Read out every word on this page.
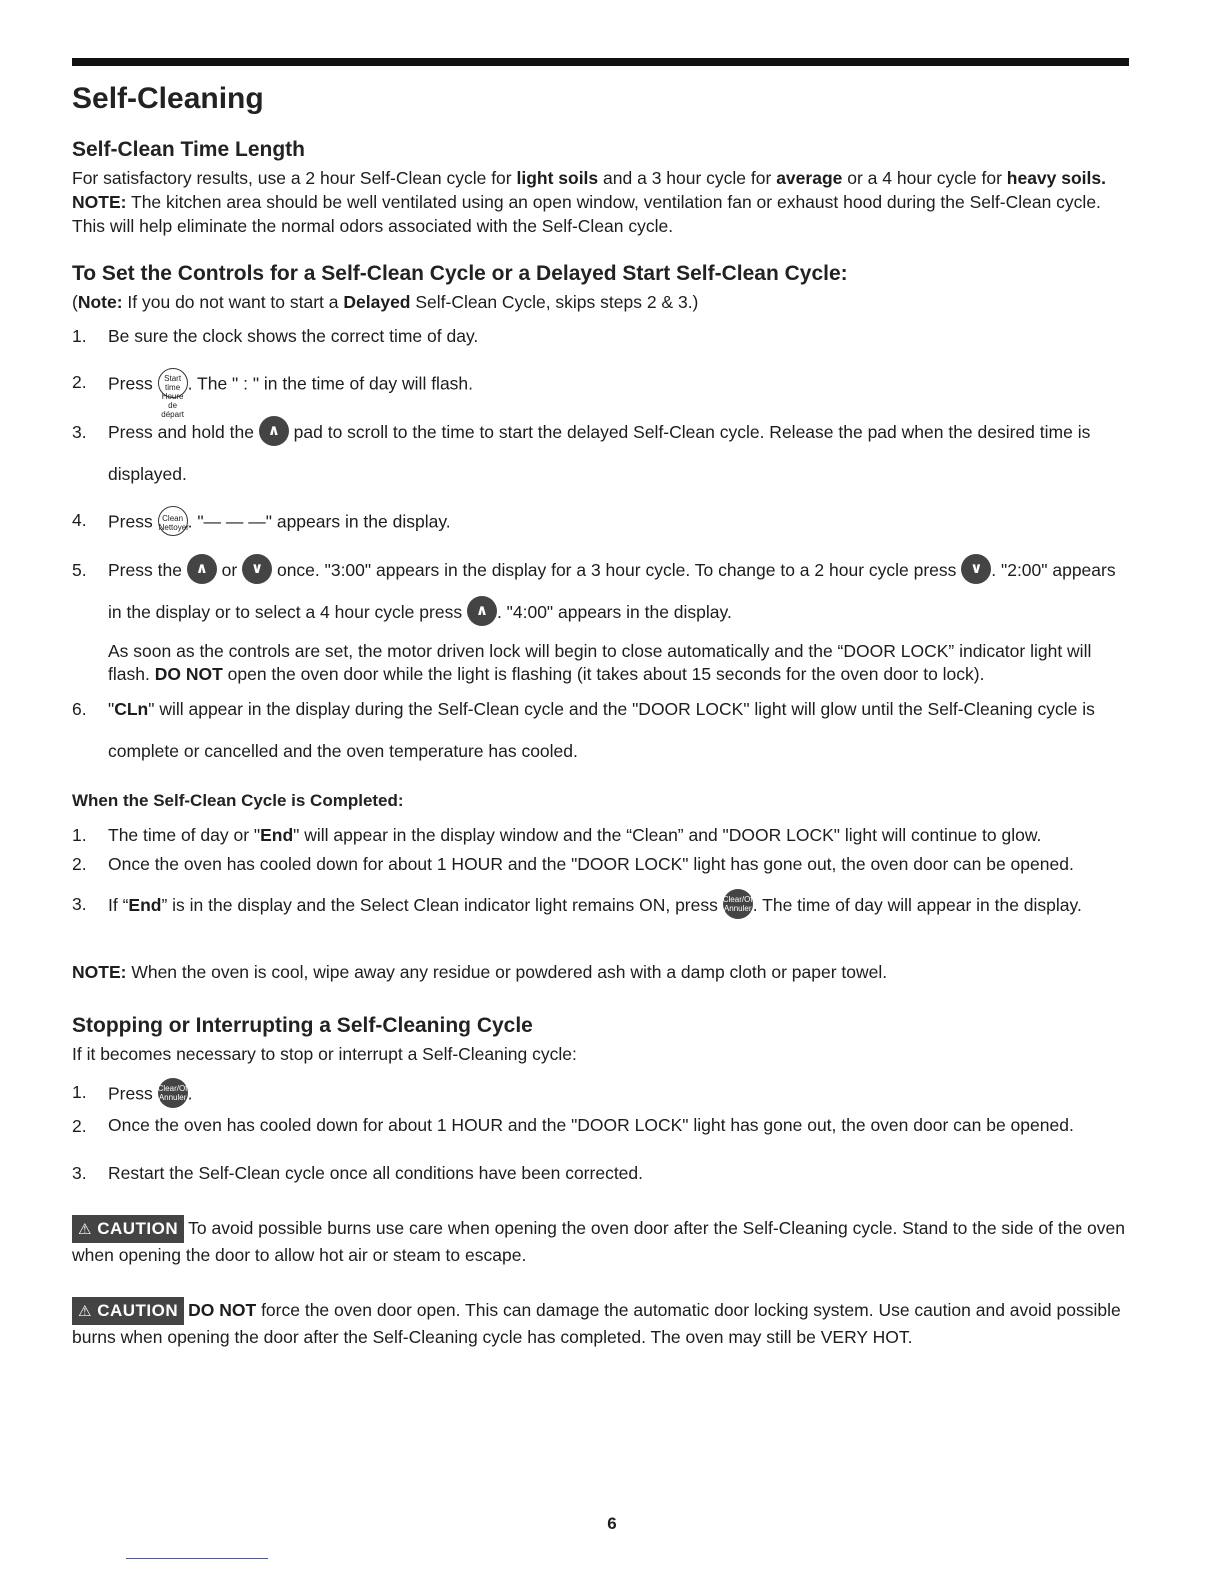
Self-Cleaning
Self-Clean Time Length

For satisfactory results, use a 2 hour Self-Clean cycle for light soils and a 3 hour cycle for average or a 4 hour cycle for heavy soils. NOTE: The kitchen area should be well ventilated using an open window, ventilation fan or exhaust hood during the Self-Clean cycle. This will help eliminate the normal odors associated with the Self-Clean cycle.

To Set the Controls for a Self-Clean Cycle or a Delayed Start Self-Clean Cycle:

(Note: If you do not want to start a Delayed Self-Clean Cycle, skips steps 2 & 3.)

1. Be sure the clock shows the correct time of day.

2. Press Start time
Heure de
départ. The " : " in the time of day will flash.

3. Press and hold the ∧ pad to scroll to the time to start the delayed Self-Clean cycle. Release the pad when the desired time is displayed.

4. Press Clean
Nettoyer. "— — —" appears in the display.

5. Press the ∧ or ∨ once. "3:00" appears in the display for a 3 hour cycle. To change to a 2 hour cycle press ∨ . "2:00" appears in the display or to select a 4 hour cycle press ∧ . "4:00" appears in the display.

As soon as the controls are set, the motor driven lock will begin to close automatically and the “DOOR LOCK” indicator light will flash. DO NOT open the oven door while the light is flashing (it takes about 15 seconds for the oven door to lock).

6. "CLn" will appear in the display during the Self-Clean cycle and the "DOOR LOCK" light will glow until the Self-Cleaning cycle is complete or cancelled and the oven temperature has cooled.

When the Self-Clean Cycle is Completed:
1. The time of day or "End" will appear in the display window and the “Clean” and "DOOR LOCK" light will continue to glow.

2. Once the oven has cooled down for about 1 HOUR and the "DOOR LOCK" light has gone out, the oven door can be opened.

3. If “End” is in the display and the Select Clean indicator light remains ON, press Clear/Off
Annuler. The time of day will appear in the display.

NOTE: When the oven is cool, wipe away any residue or powdered ash with a damp cloth or paper towel.

Stopping or Interrupting a Self-Cleaning Cycle

If it becomes necessary to stop or interrupt a Self-Cleaning cycle:

1. Press Clear/Off
Annuler.

2. Once the oven has cooled down for about 1 HOUR and the "DOOR LOCK" light has gone out, the oven door can be opened.

3. Restart the Self-Clean cycle once all conditions have been corrected.

⚠ CAUTION To avoid possible burns use care when opening the oven door after the Self-Cleaning cycle. Stand to the side of the oven when opening the door to allow hot air or steam to escape.

⚠ CAUTION DO NOT force the oven door open. This can damage the automatic door locking system. Use caution and avoid possible burns when opening the door after the Self-Cleaning cycle has completed. The oven may still be VERY HOT.

6
